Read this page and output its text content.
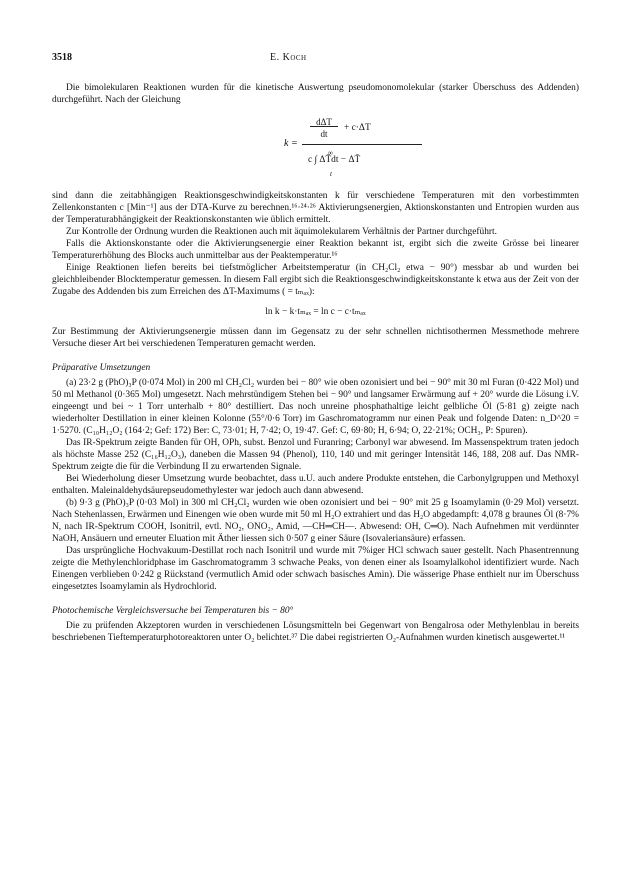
3518	E. Koch

Die bimolekularen Reaktionen wurden für die kinetische Auswertung pseudomonomolekular (starker Überschuss des Addenden) durchgeführt. Nach der Gleichung

k =
dΔT
dt
+ c·ΔT
∞
c ∫ ΔT̄dt − ΔT̄
t

sind dann die zeitabhängigen Reaktionsgeschwindigkeitskonstanten k für verschiedene Temperaturen mit den vorbestimmten Zellenkonstanten c [Min⁻¹] aus der DTA-Kurve zu berechnen.¹⁶·²⁴·²⁶ Aktivierungsenergien, Aktionskonstanten und Entropien wurden aus der Temperaturabhängigkeit der Reaktionskonstanten wie üblich ermittelt.

Zur Kontrolle der Ordnung wurden die Reaktionen auch mit äquimolekularem Verhältnis der Partner durchgeführt.

Falls die Aktionskonstante oder die Aktivierungsenergie einer Reaktion bekannt ist, ergibt sich die zweite Grösse bei linearer Temperaturerhöhung des Blocks auch unmittelbar aus der Peaktemperatur.¹⁶

Einige Reaktionen liefen bereits bei tiefstmöglicher Arbeitstemperatur (in CH₂Cl₂ etwa − 90°) messbar ab und wurden bei gleichbleibender Blocktemperatur gemessen. In diesem Fall ergibt sich die Reaktionsgeschwindigkeitskonstante k etwa aus der Zeit von der Zugabe des Addenden bis zum Erreichen des ΔT-Maximums ( = tₘₐₓ):

ln k − k·tₘₐₓ = ln c − c·tₘₐₓ

Zur Bestimmung der Aktivierungsenergie müssen dann im Gegensatz zu der sehr schnellen nichtisothermen Messmethode mehrere Versuche dieser Art bei verschiedenen Temperaturen gemacht werden.

Präparative Umsetzungen

(a) 23·2 g (PhO)₃P (0·074 Mol) in 200 ml CH₂Cl₂ wurden bei − 80° wie oben ozonisiert und bei − 90° mit 30 ml Furan (0·422 Mol) und 50 ml Methanol (0·365 Mol) umgesetzt. Nach mehrstündigem Stehen bei − 90° und langsamer Erwärmung auf + 20° wurde die Lösung i.V. eingeengt und bei ~ 1 Torr unterhalb + 80° destilliert. Das noch unreine phosphathaltige leicht gelbliche Öl (5·81 g) zeigte nach wiederholter Destillation in einer kleinen Kolonne (55°/0·6 Torr) im Gaschromatogramm nur einen Peak und folgende Daten: n_D^20 = 1·5270. (C₁₀H₁₂O₂ (164·2; Gef: 172) Ber: C, 73·01; H, 7·42; O, 19·47. Gef: C, 69·80; H, 6·94; O, 22·21%; OCH₃, P: Spuren).

Das IR-Spektrum zeigte Banden für OH, OPh, subst. Benzol und Furanring; Carbonyl war abwesend. Im Massenspektrum traten jedoch als höchste Masse 252 (C₁₆H₁₂O₃), daneben die Massen 94 (Phenol), 110, 140 und mit geringer Intensität 146, 188, 208 auf. Das NMR-Spektrum zeigte die für die Verbindung II zu erwartenden Signale.

Bei Wiederholung dieser Umsetzung wurde beobachtet, dass u.U. auch andere Produkte entstehen, die Carbonylgruppen und Methoxyl enthalten. Maleinaldehydsäurepseudomethylester war jedoch auch dann abwesend.

(b) 9·3 g (PhO)₃P (0·03 Mol) in 300 ml CH₂Cl₂ wurden wie oben ozonisiert und bei − 90° mit 25 g Isoamylamin (0·29 Mol) versetzt. Nach Stehenlassen, Erwärmen und Einengen wie oben wurde mit 50 ml H₂O extrahiert und das H₂O abgedampft: 4,078 g braunes Öl (8·7% N, nach IR-Spektrum COOH, Isonitril, evtl. NO₂, ONO₂, Amid, —CH═CH—. Abwesend: OH, C═O). Nach Aufnehmen mit verdünnter NaOH, Ansäuern und erneuter Eluation mit Äther liessen sich 0·507 g einer Säure (Isovaleriansäure) erfassen.

Das ursprüngliche Hochvakuum-Destillat roch nach Isonitril und wurde mit 7%iger HCl schwach sauer gestellt. Nach Phasentrennung zeigte die Methylenchloridphase im Gaschromatogramm 3 schwache Peaks, von denen einer als Isoamylalkohol identifiziert wurde. Nach Einengen verblieben 0·242 g Rückstand (vermutlich Amid oder schwach basisches Amin). Die wässerige Phase enthielt nur im Überschuss eingesetztes Isoamylamin als Hydrochlorid.

Photochemische Vergleichsversuche bei Temperaturen bis − 80°

Die zu prüfenden Akzeptoren wurden in verschiedenen Lösungsmitteln bei Gegenwart von Bengalrosa oder Methylenblau in bereits beschriebenen Tieftemperaturphotoreaktoren unter O₂ belichtet.³⁷ Die dabei registrierten O₂-Aufnahmen wurden kinetisch ausgewertet.¹¹
